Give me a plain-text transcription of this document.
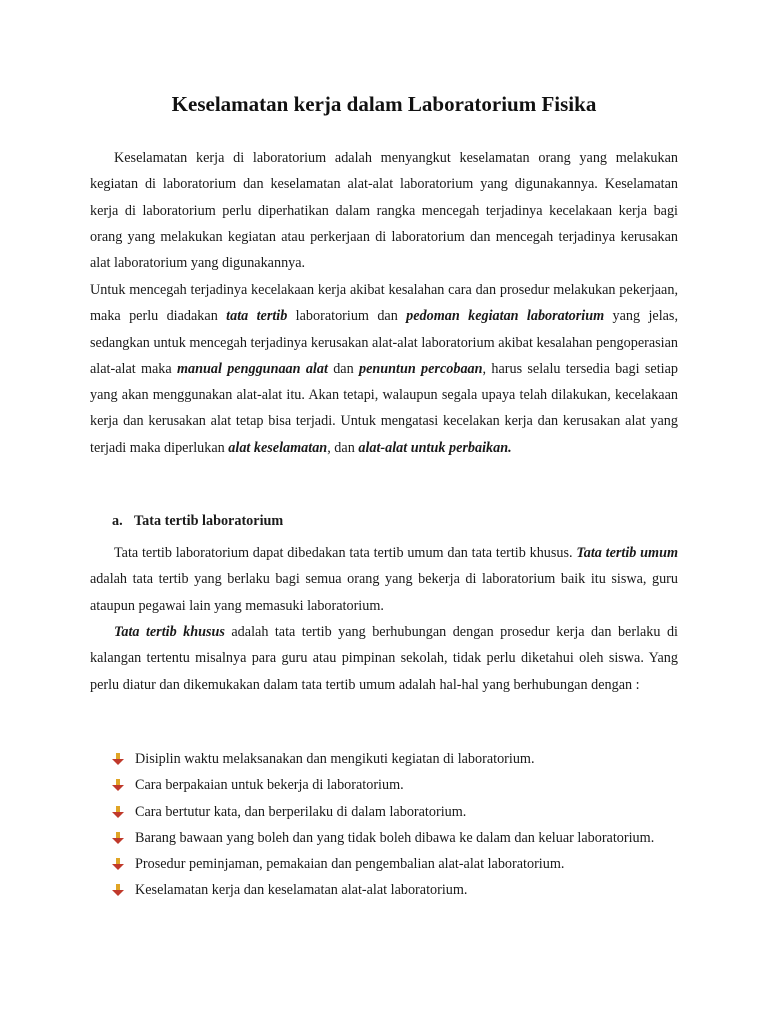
Keselamatan kerja dalam Laboratorium Fisika

Keselamatan kerja di laboratorium adalah menyangkut keselamatan orang yang melakukan kegiatan di laboratorium dan keselamatan alat-alat laboratorium yang digunakannya. Keselamatan kerja di laboratorium perlu diperhatikan dalam rangka mencegah terjadinya kecelakaan kerja bagi orang yang melakukan kegiatan atau perkerjaan di laboratorium dan mencegah terjadinya kerusakan alat laboratorium yang digunakannya.

Untuk mencegah terjadinya kecelakaan kerja akibat kesalahan cara dan prosedur melakukan pekerjaan, maka perlu diadakan tata tertib laboratorium dan pedoman kegiatan laboratorium yang jelas, sedangkan untuk mencegah terjadinya kerusakan alat-alat laboratorium akibat kesalahan pengoperasian alat-alat maka manual penggunaan alat dan penuntun percobaan, harus selalu tersedia bagi setiap yang akan menggunakan alat-alat itu. Akan tetapi, walaupun segala upaya telah dilakukan, kecelakaan kerja dan kerusakan alat tetap bisa terjadi. Untuk mengatasi kecelakan kerja dan kerusakan alat yang terjadi maka diperlukan alat keselamatan, dan alat-alat untuk perbaikan.

a. Tata tertib laboratorium

Tata tertib laboratorium dapat dibedakan tata tertib umum dan tata tertib khusus. Tata tertib umum adalah tata tertib yang berlaku bagi semua orang yang bekerja di laboratorium baik itu siswa, guru ataupun pegawai lain yang memasuki laboratorium.

Tata tertib khusus adalah tata tertib yang berhubungan dengan prosedur kerja dan berlaku di kalangan tertentu misalnya para guru atau pimpinan sekolah, tidak perlu diketahui oleh siswa. Yang perlu diatur dan dikemukakan dalam tata tertib umum adalah hal-hal yang berhubungan dengan :

Disiplin waktu melaksanakan dan mengikuti kegiatan di laboratorium.
Cara berpakaian untuk bekerja di laboratorium.
Cara bertutur kata, dan berperilaku di dalam laboratorium.
Barang bawaan yang boleh dan yang tidak boleh dibawa ke dalam dan keluar laboratorium.
Prosedur peminjaman, pemakaian dan pengembalian alat-alat laboratorium.
Keselamatan kerja dan keselamatan alat-alat laboratorium.
